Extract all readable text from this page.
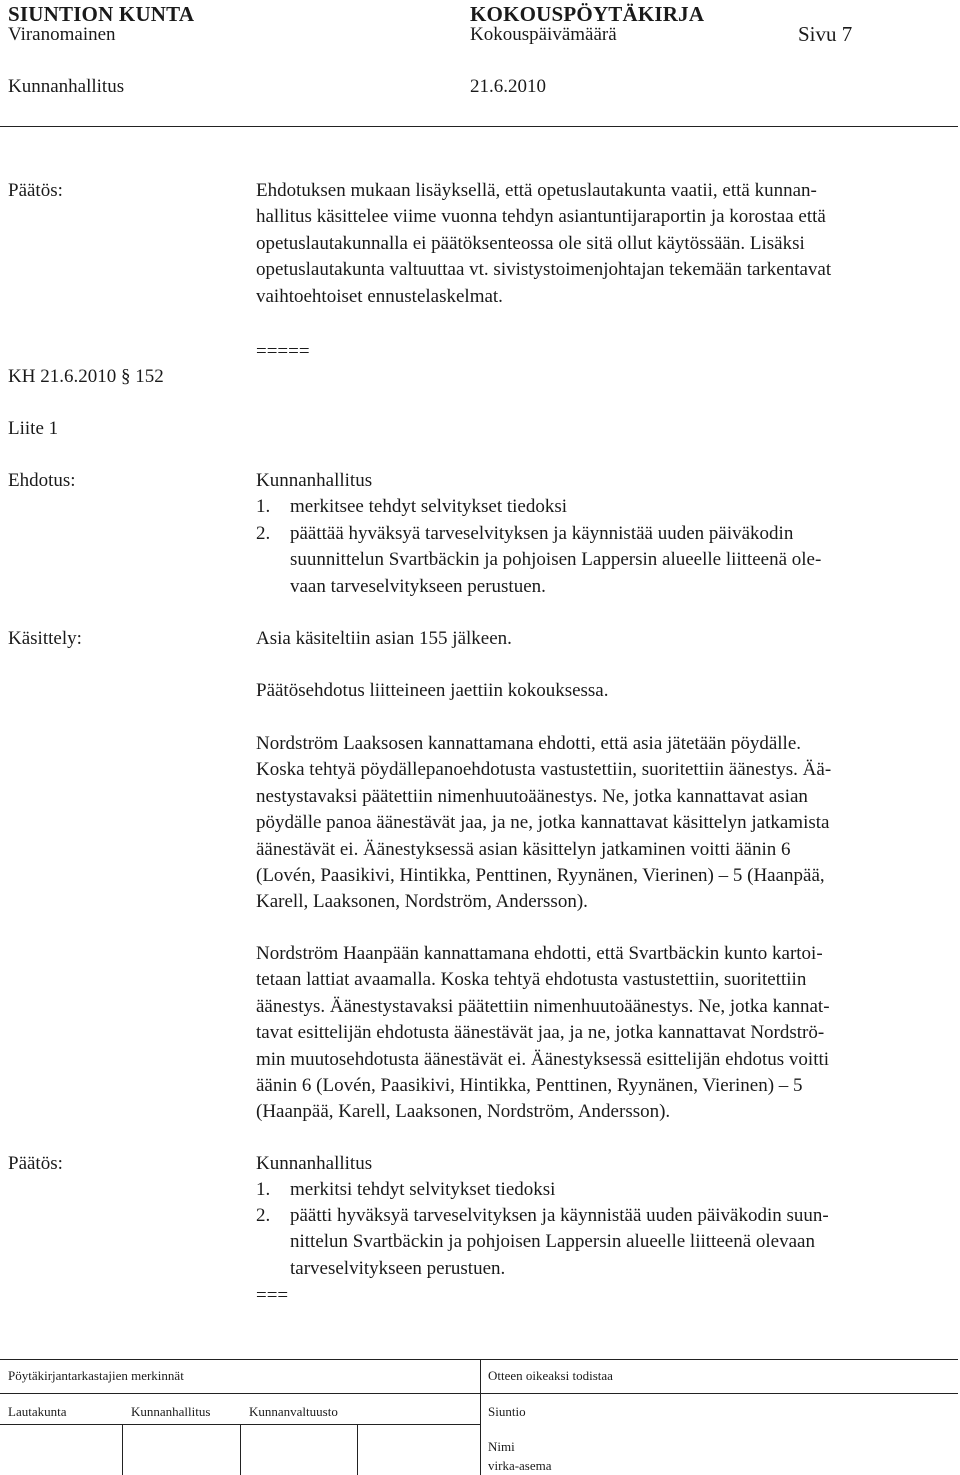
SIUNTION KUNTA	KOKOUSPÖYTÄKIRJA
Viranomainen	Kokouspäivämäärä	Sivu 7
Kunnanhallitus	21.6.2010
Päätös:	Ehdotuksen mukaan lisäyksellä, että opetuslautakunta vaatii, että kunnan-
hallitus käsittelee viime vuonna tehdyn asiantuntijaraportin ja korostaa että
opetuslautakunnalla ei päätöksenteossa ole sitä ollut käytössään. Lisäksi
opetuslautakunta valtuuttaa vt. sivistystoimenjohtajan tekemään tarkentavat
vaihtoehtoiset ennustelaskelmat.
=====
KH 21.6.2010 § 152
Liite 1
Ehdotus:	Kunnanhallitus
1. merkitsee tehdyt selvitykset tiedoksi
2. päättää hyväksyä tarveselvityksen ja käynnistää uuden päiväkodin
suunnittelun Svartbäckin ja pohjoisen Lappersin alueelle liitteenä ole-
vaan tarveselvitykseen perustuen.
Käsittely:	Asia käsiteltiin asian 155 jälkeen.
Päätösehdotus liitteineen jaettiin kokouksessa.
Nordström Laaksosen kannattamana ehdotti, että asia jätetään pöydälle.
Koska tehtyä pöydällepanoehdotusta vastustettiin, suoritettiin äänestys. Ää-
nestystavaksi päätettiin nimenhuutoäänestys. Ne, jotka kannattavat asian
pöydälle panoa äänestävät jaa, ja ne, jotka kannattavat käsittelyn jatkamista
äänestävät ei. Äänestyksessä asian käsittelyn jatkaminen voitti äänin 6
(Lovén, Paasikivi, Hintikka, Penttinen, Ryynänen, Vierinen) – 5 (Haanpää,
Karell, Laaksonen, Nordström, Andersson).
Nordström Haanpään kannattamana ehdotti, että Svartbäckin kunto kartoi-
tetaan lattiat avaamalla. Koska tehtyä ehdotusta vastustettiin, suoritettiin
äänestys. Äänestystavaksi päätettiin nimenhuutoäänestys. Ne, jotka kannat-
tavat esittelijän ehdotusta äänestävät jaa, ja ne, jotka kannattavat Nordströ-
min muutosehdotusta äänestävät ei. Äänestyksessä esittelijän ehdotus voitti
äänin 6 (Lovén, Paasikivi, Hintikka, Penttinen, Ryynänen, Vierinen) – 5
(Haanpää, Karell, Laaksonen, Nordström, Andersson).
Päätös:	Kunnanhallitus
1. merkitsi tehdyt selvitykset tiedoksi
2. päätti hyväksyä tarveselvityksen ja käynnistää uuden päiväkodin suun-
nittelun Svartbäckin ja pohjoisen Lappersin alueelle liitteenä olevaan
tarveselvitykseen perustuen.
===
Pöytäkirjantarkastajien merkinnät	Otteen oikeaksi todistaa
Lautakunta	Kunnanhallitus	Kunnanvaltuusto	Siuntio
Nimi
virka-asema
